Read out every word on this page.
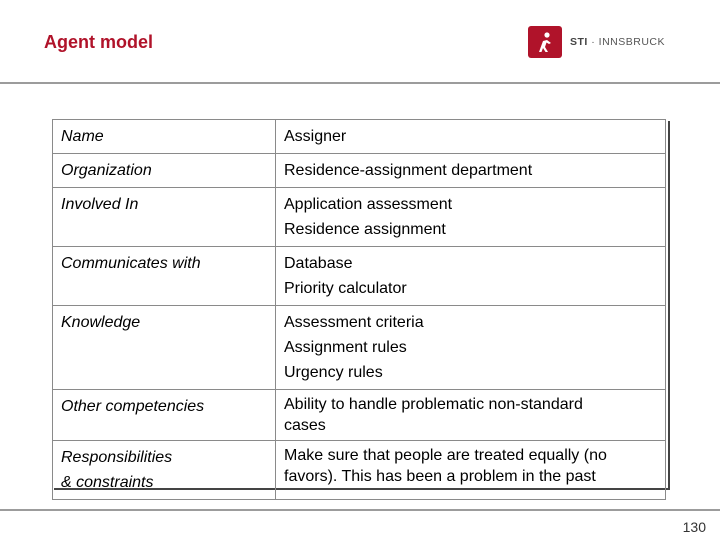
Agent model	STI · INNSBRUCK
Name	Assigner

Organization	Residence-assignment department

Involved In	Application assessment
Residence assignment

Communicates with	Database
Priority calculator

Knowledge	Assessment criteria
Assignment rules
Urgency rules

Other competencies	Ability to handle problematic non-standard
cases

Responsibilities
& constraints	Make sure that people are treated equally (no
favors). This has been a problem in the past
130
